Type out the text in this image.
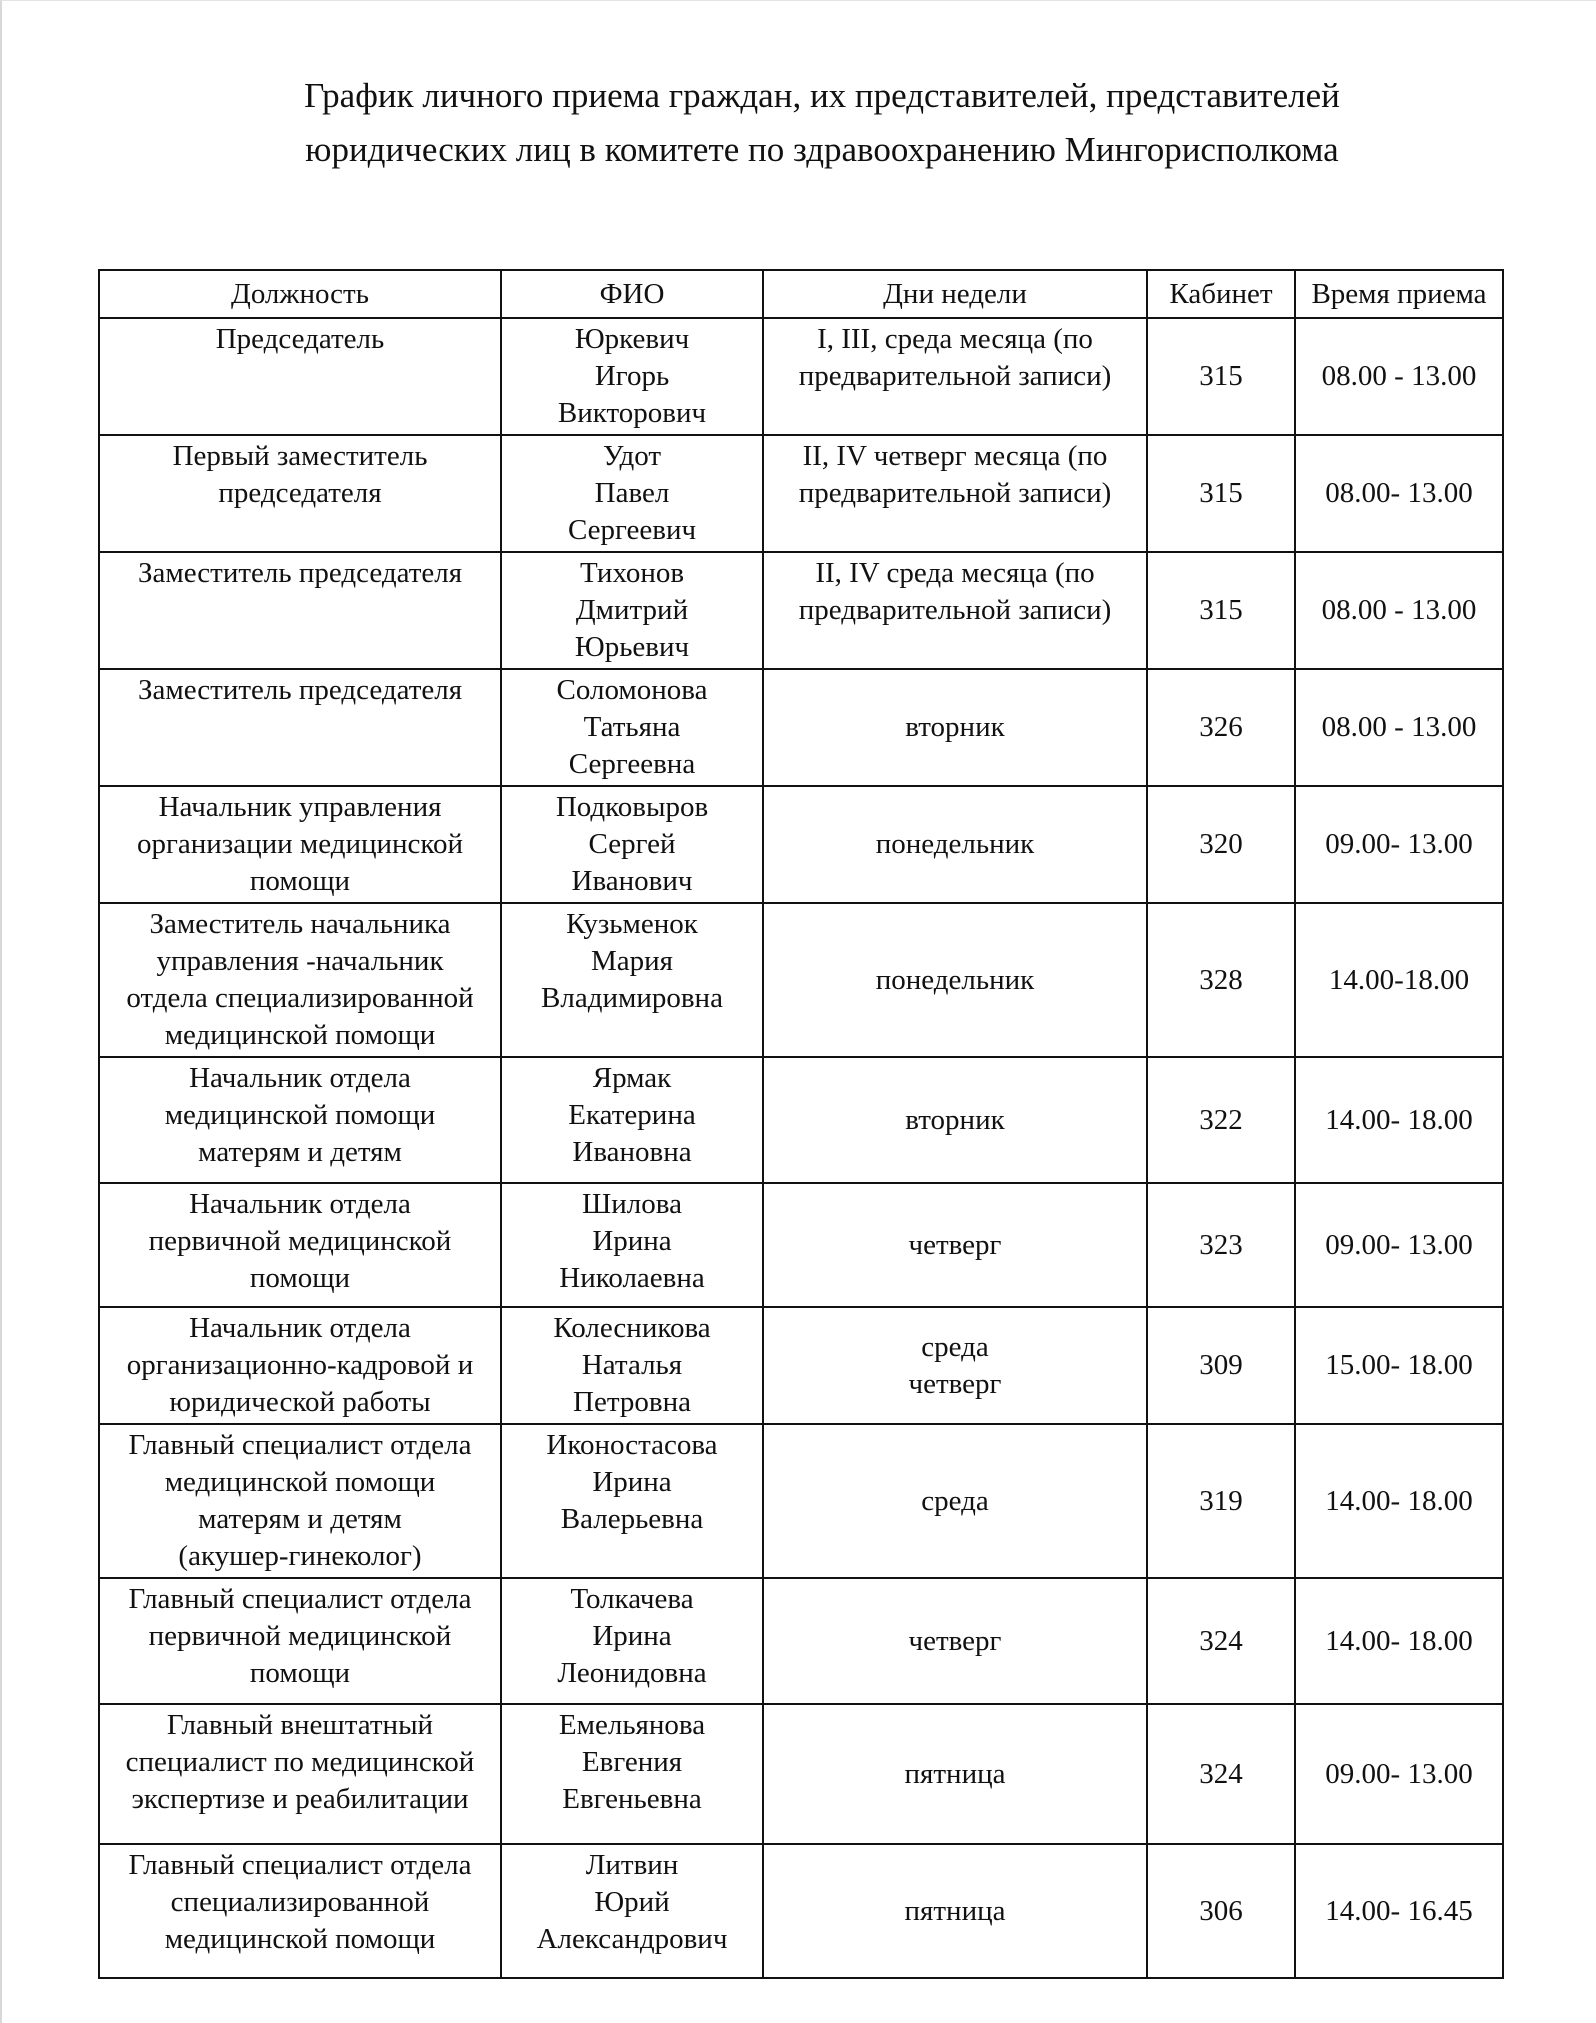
График личного приема граждан, их представителей, представителей
юридических лиц в комитете по здравоохранению Мингорисполкома
Должность	ФИО	Дни недели	Кабинет	Время приема

Председатель	Юркевич
Игорь
Викторович	I, III, среда месяца (по
предварительной записи)	315	08.00 - 13.00

Первый заместитель
председателя	Удот
Павел
Сергеевич	II, IV четверг месяца (по
предварительной записи)	315	08.00- 13.00

Заместитель председателя	Тихонов
Дмитрий
Юрьевич	II, IV среда месяца (по
предварительной записи)	315	08.00 - 13.00

Заместитель председателя	Соломонова
Татьяна
Сергеевна	вторник	326	08.00 - 13.00

Начальник управления
организации медицинской
помощи	Подковыров
Сергей
Иванович	понедельник	320	09.00- 13.00

Заместитель начальника
управления -начальник
отдела специализированной
медицинской помощи	Кузьменок
Мария
Владимировна	понедельник	328	14.00-18.00

Начальник отдела
медицинской помощи
матерям и детям	Ярмак
Екатерина
Ивановна	вторник	322	14.00- 18.00

Начальник отдела
первичной медицинской
помощи	Шилова
Ирина
Николаевна	четверг	323	09.00- 13.00

Начальник отдела
организационно-кадровой и
юридической работы	Колесникова
Наталья
Петровна	среда
четверг	309	15.00- 18.00

Главный специалист отдела
медицинской помощи
матерям и детям
(акушер-гинеколог)	Иконостасова
Ирина
Валерьевна	среда	319	14.00- 18.00

Главный специалист отдела
первичной медицинской
помощи	Толкачева
Ирина
Леонидовна	четверг	324	14.00- 18.00

Главный внештатный
специалист по медицинской
экспертизе и реабилитации	Емельянова
Евгения
Евгеньевна	пятница	324	09.00- 13.00

Главный специалист отдела
специализированной
медицинской помощи	Литвин
Юрий
Александрович	пятница	306	14.00- 16.45
